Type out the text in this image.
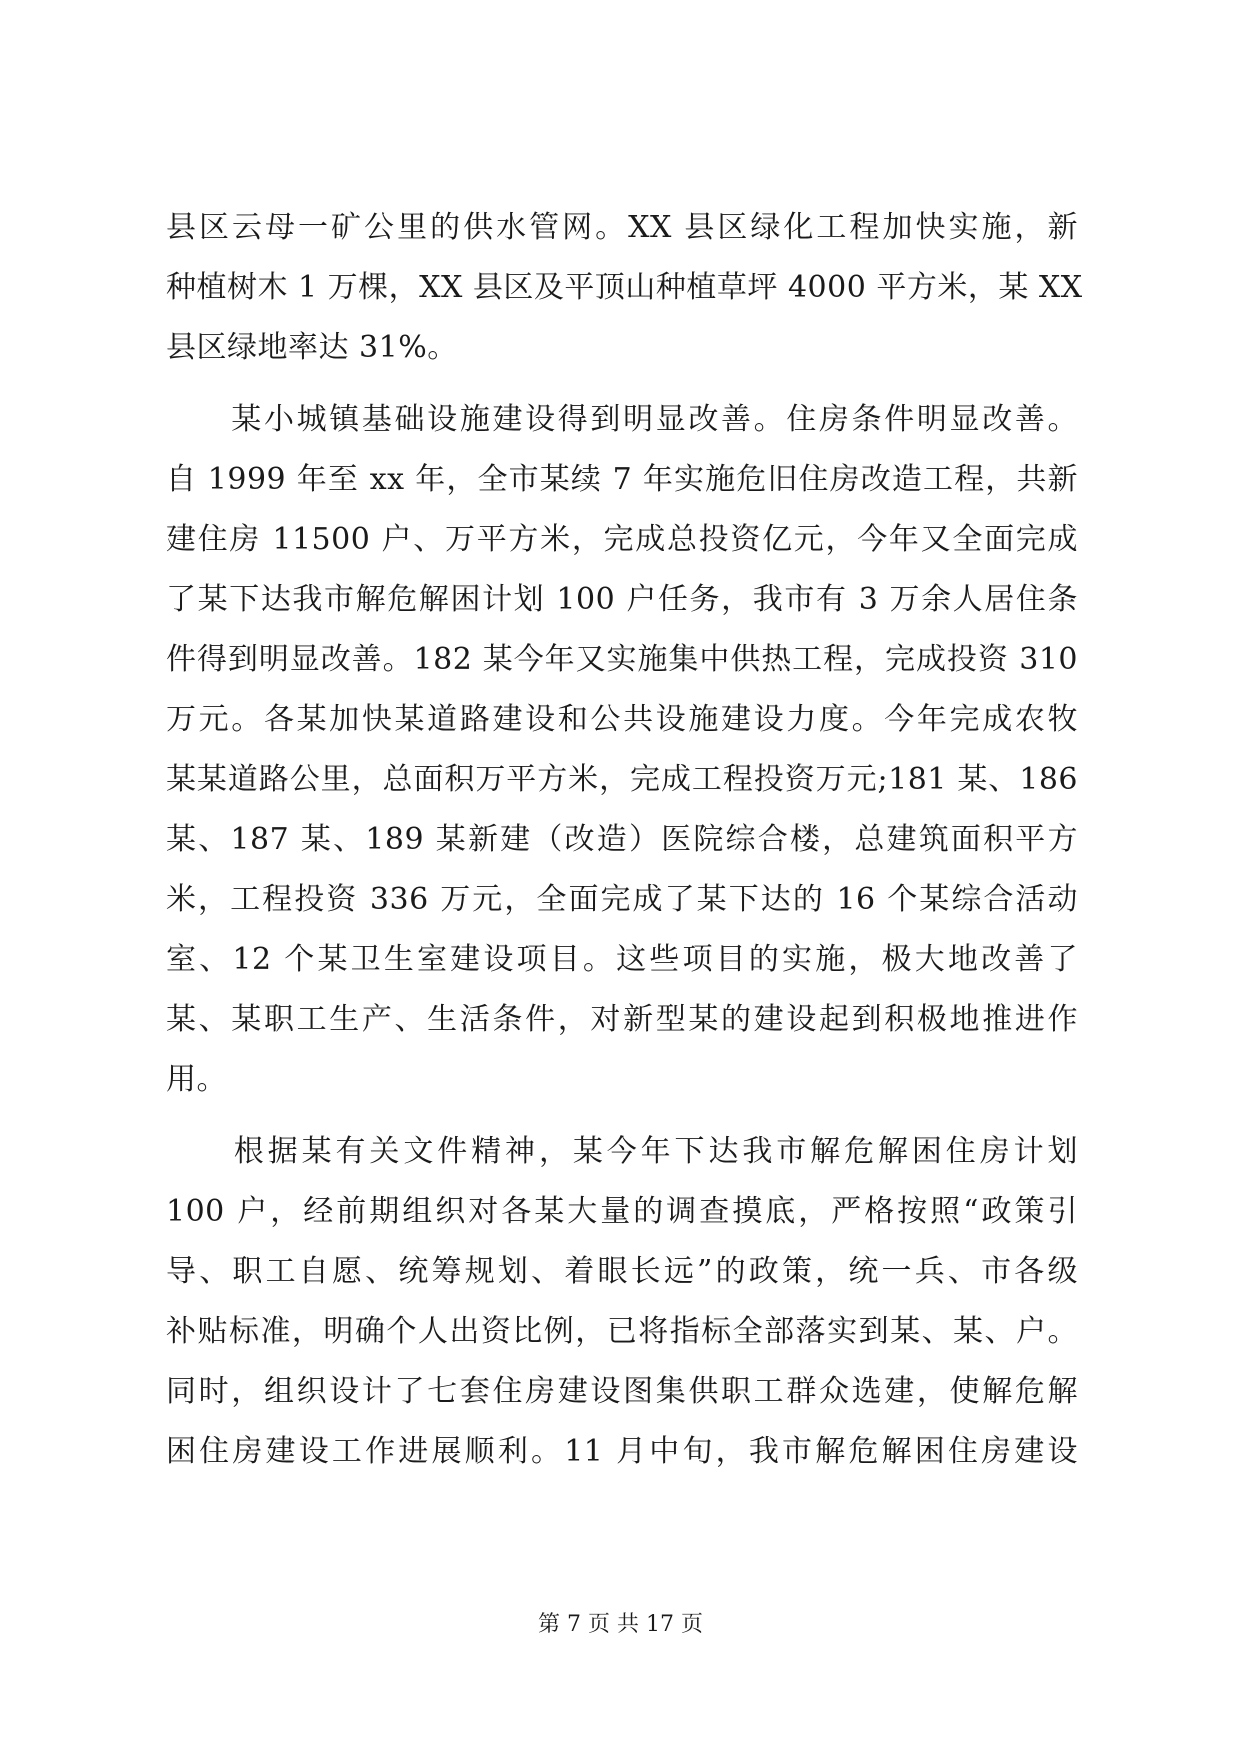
县区云母一矿公里的供水管网。XX 县区绿化工程加快实施，新
种植树木 1 万棵，XX 县区及平顶山种植草坪 4000 平方米，某 XX
县区绿地率达 31%。
　　某小城镇基础设施建设得到明显改善。住房条件明显改善。
自 1999 年至 xx 年，全市某续 7 年实施危旧住房改造工程，共新
建住房 11500 户、万平方米，完成总投资亿元，今年又全面完成
了某下达我市解危解困计划 100 户任务，我市有 3 万余人居住条
件得到明显改善。182 某今年又实施集中供热工程，完成投资 310
万元。各某加快某道路建设和公共设施建设力度。今年完成农牧
某某道路公里，总面积万平方米，完成工程投资万元;181 某、186
某、187 某、189 某新建（改造）医院综合楼，总建筑面积平方
米，工程投资 336 万元，全面完成了某下达的 16 个某综合活动
室、12 个某卫生室建设项目。这些项目的实施，极大地改善了
某、某职工生产、生活条件，对新型某的建设起到积极地推进作
用。
　　根据某有关文件精神，某今年下达我市解危解困住房计划
100 户，经前期组织对各某大量的调查摸底，严格按照“政策引
导、职工自愿、统筹规划、着眼长远”的政策，统一兵、市各级
补贴标准，明确个人出资比例，已将指标全部落实到某、某、户。
同时，组织设计了七套住房建设图集供职工群众选建，使解危解
困住房建设工作进展顺利。11 月中旬，我市解危解困住房建设
第 7 页 共 17 页
